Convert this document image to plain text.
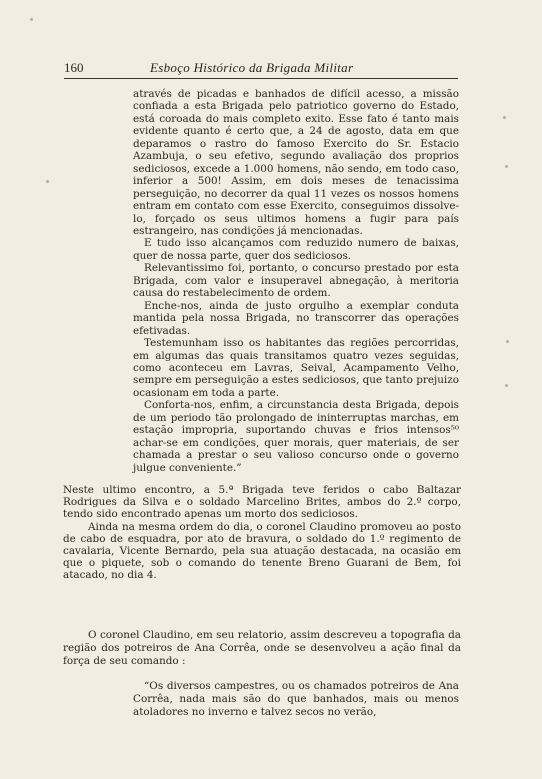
160	Esboço Histórico da Brigada Militar

através de picadas e banhados de difícil acesso, a missão confiada a esta Brigada pelo patriotico governo do Estado, está coroada do mais completo exito. Esse fato é tanto mais evidente quanto é certo que, a 24 de agosto, data em que deparamos o rastro do famoso Exercito do Sr. Estacio Azambuja, o seu efetivo, segundo avaliação dos proprios sediciosos, excede a 1.000 homens, não sendo, em todo caso, inferior a 500! Assim, em dois meses de tenacissima perseguição, no decorrer da qual 11 vezes os nossos homens entram em contato com esse Exercito, conseguimos dissolve-lo, forçado os seus ultimos homens a fugir para país estrangeiro, nas condições já mencionadas.

E tudo isso alcançamos com reduzido numero de baixas, quer de nossa parte, quer dos sediciosos.

Relevantissimo foi, portanto, o concurso prestado por esta Brigada, com valor e insuperavel abnegação, à meritoria causa do restabelecimento de ordem.

Enche-nos, ainda de justo orgulho a exemplar conduta mantida pela nossa Brigada, no transcorrer das operações efetivadas.

Testemunham isso os habitantes das regiões percorridas, em algumas das quais transitamos quatro vezes seguidas, como aconteceu em Lavras, Seival, Acampamento Velho, sempre em perseguição a estes sediciosos, que tanto prejuizo ocasionam em toda a parte.

Conforta-nos, enfim, a circunstancia desta Brigada, depois de um periodo tão prolongado de ininterruptas marchas, em estação impropria, suportando chuvas e frios intensos⁵⁰ achar-se em condições, quer morais, quer materiais, de ser chamada a prestar o seu valioso concurso onde o governo julgue conveniente.”

Neste ultimo encontro, a 5.ª Brigada teve feridos o cabo Baltazar Rodrigues da Silva e o soldado Marcelino Brites, ambos do 2.º corpo, tendo sido encontrado apenas um morto dos sediciosos.

Ainda na mesma ordem do dia, o coronel Claudino promoveu ao posto de cabo de esquadra, por ato de bravura, o soldado do 1.º regimento de cavalaria, Vicente Bernardo, pela sua atuação destacada, na ocasião em que o piquete, sob o comando do tenente Breno Guarani de Bem, foi atacado, no dia 4.

O coronel Claudino, em seu relatorio, assim descreveu a topografia da região dos potreiros de Ana Corrêa, onde se desenvolveu a ação final da força de seu comando :

“Os diversos campestres, ou os chamados potreiros de Ana Corrêa, nada mais são do que banhados, mais ou menos atoladores no inverno e talvez secos no verão,
